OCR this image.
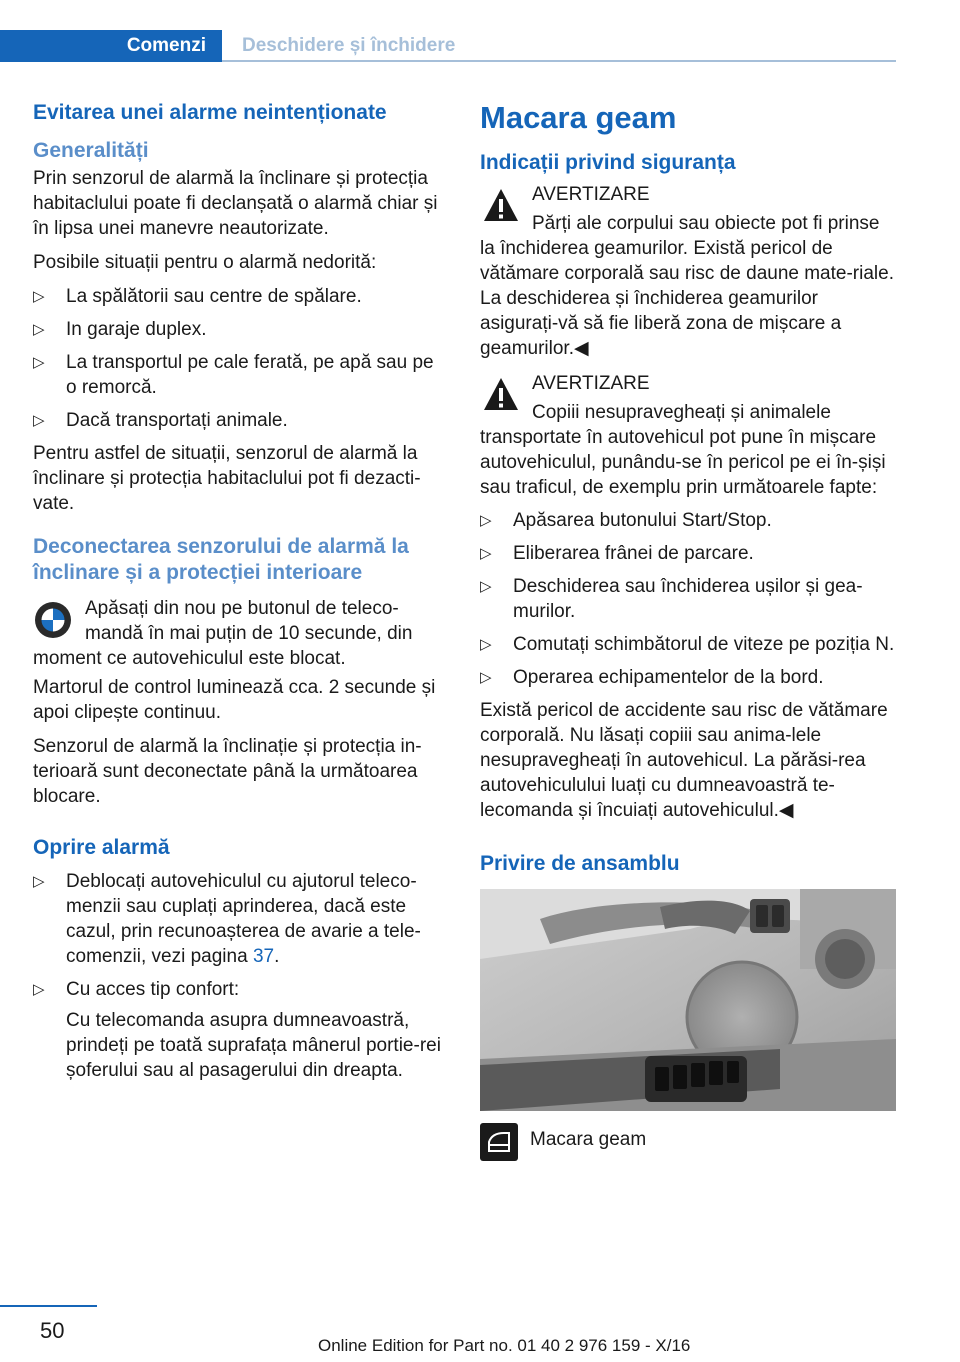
Comenzi	Deschidere și închidere
Evitarea unei alarme neintenționate
Generalități

Prin senzorul de alarmă la înclinare și protecția habitaclului poate fi declanșată o alarmă chiar și în lipsa unei manevre neautorizate.

Posibile situații pentru o alarmă nedorită:

▷	La spălătorii sau centre de spălare.
▷	In garaje duplex.
▷	La transportul pe cale ferată, pe apă sau pe o remorcă.
▷	Dacă transportați animale.

Pentru astfel de situații, senzorul de alarmă la înclinare și protecția habitaclului pot fi dezacti‐vate.

Deconectarea senzorului de alarmă la înclinare și a protecției interioare
Apăsați din nou pe butonul de teleco‐mandă în mai puțin de 10 secunde, din moment ce autovehiculul este blocat.

Martorul de control luminează cca. 2 secunde și apoi clipește continuu.

Senzorul de alarmă la înclinație și protecția in‐terioară sunt deconectate până la următoarea blocare.

Oprire alarmă
▷	Deblocați autovehiculul cu ajutorul teleco‐menzii sau cuplați aprinderea, dacă este cazul, prin recunoașterea de avarie a tele‐comenzii, vezi pagina 37.
▷	Cu acces tip confort:
Cu telecomanda asupra dumneavoastră, prindeți pe toată suprafața mânerul portie‐rei șoferului sau al pasagerului din dreapta.
Macara geam
Indicații privind siguranța
AVERTIZARE
Părți ale corpului sau obiecte pot fi prinse la închiderea geamurilor. Există pericol de vătămare corporală sau risc de daune mate‐riale. La deschiderea și închiderea geamurilor asigurați-vă să fie liberă zona de mișcare a geamurilor.◀
AVERTIZARE
Copiii nesupravegheați și animalele transportate în autovehicul pot pune în mișcare autovehiculul, punându-se în pericol pe ei în‐șiși sau traficul, de exemplu prin următoarele fapte:
▷	Apăsarea butonului Start/Stop.
▷	Eliberarea frânei de parcare.
▷	Deschiderea sau închiderea ușilor și gea‐murilor.
▷	Comutați schimbătorul de viteze pe poziția N.
▷	Operarea echipamentelor de la bord.

Există pericol de accidente sau risc de vătămare corporală. Nu lăsați copiii sau anima‐lele nesupravegheați în autovehicul. La părăsi‐rea autovehiculului luați cu dumneavoastră te‐lecomanda și încuiați autovehiculul.◀

Privire de ansamblu
Macara geam
50
Online Edition for Part no. 01 40 2 976 159 - X/16
